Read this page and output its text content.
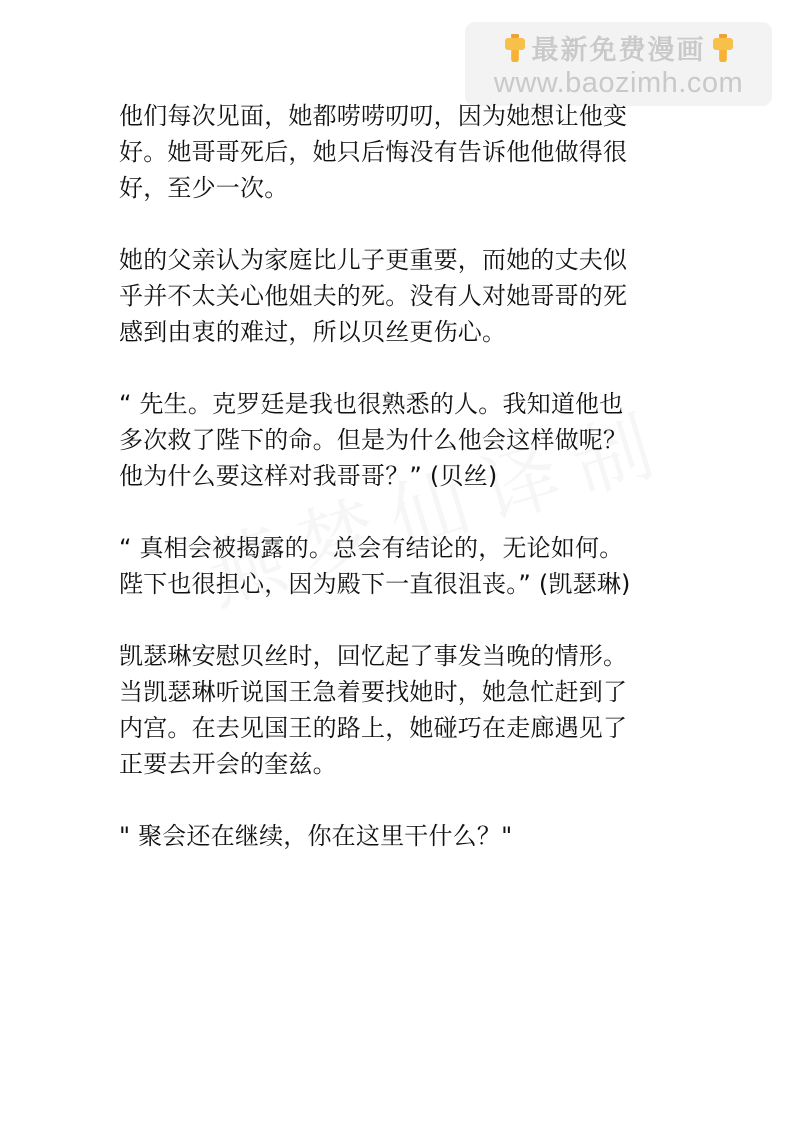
最新免费漫画
www.baozimh.com

他们每次见面，她都唠唠叨叨，因为她想让他变
好。她哥哥死后，她只后悔没有告诉他他做得很
好，至少一次。

她的父亲认为家庭比儿子更重要，而她的丈夫似
乎并不太关心他姐夫的死。没有人对她哥哥的死
感到由衷的难过，所以贝丝更伤心。

“ 先生。克罗廷是我也很熟悉的人。我知道他也
多次救了陛下的命。但是为什么他会这样做呢？
他为什么要这样对我哥哥？” (贝丝)

“ 真相会被揭露的。总会有结论的，无论如何。
陛下也很担心，因为殿下一直很沮丧。” (凯瑟琳)

凯瑟琳安慰贝丝时，回忆起了事发当晚的情形。
当凯瑟琳听说国王急着要找她时，她急忙赶到了
内宫。在去见国王的路上，她碰巧在走廊遇见了
正要去开会的奎兹。

" 聚会还在继续，你在这里干什么？"
